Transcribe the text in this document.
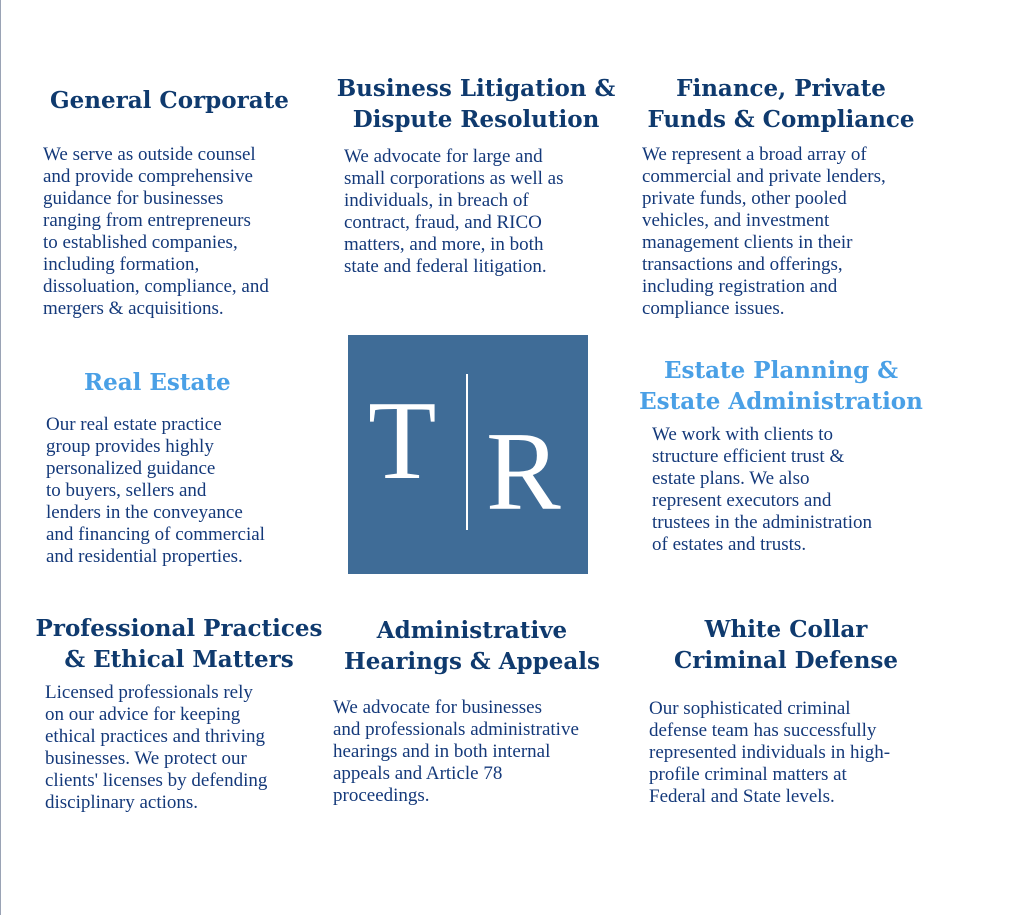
General Corporate

We serve as outside counsel
and provide comprehensive
guidance for businesses
ranging from entrepreneurs
to established companies,
including formation,
dissoluation, compliance, and
mergers & acquisitions.

Business Litigation &
Dispute Resolution

We advocate for large and
small corporations as well as
individuals, in breach of
contract, fraud, and RICO
matters, and more, in both
state and federal litigation.

Finance, Private
Funds & Compliance

We represent a broad array of
commercial and private lenders,
private funds, other pooled
vehicles, and investment
management clients in their
transactions and offerings,
including registration and
compliance issues.

Real Estate

Our real estate practice
group provides highly
personalized guidance
to buyers, sellers and
lenders in the conveyance
and financing of commercial
and residential properties.

T R
Estate Planning &
Estate Administration

We work with clients to
structure efficient trust &
estate plans. We also
represent executors and
trustees in the administration
of estates and trusts.

Professional Practices
& Ethical Matters

Licensed professionals rely
on our advice for keeping
ethical practices and thriving
businesses. We protect our
clients' licenses by defending
disciplinary actions.

Administrative
Hearings & Appeals

We advocate for businesses
and professionals administrative
hearings and in both internal
appeals and Article 78
proceedings.

White Collar
Criminal Defense

Our sophisticated criminal
defense team has successfully
represented individuals in high-
profile criminal matters at
Federal and State levels.
